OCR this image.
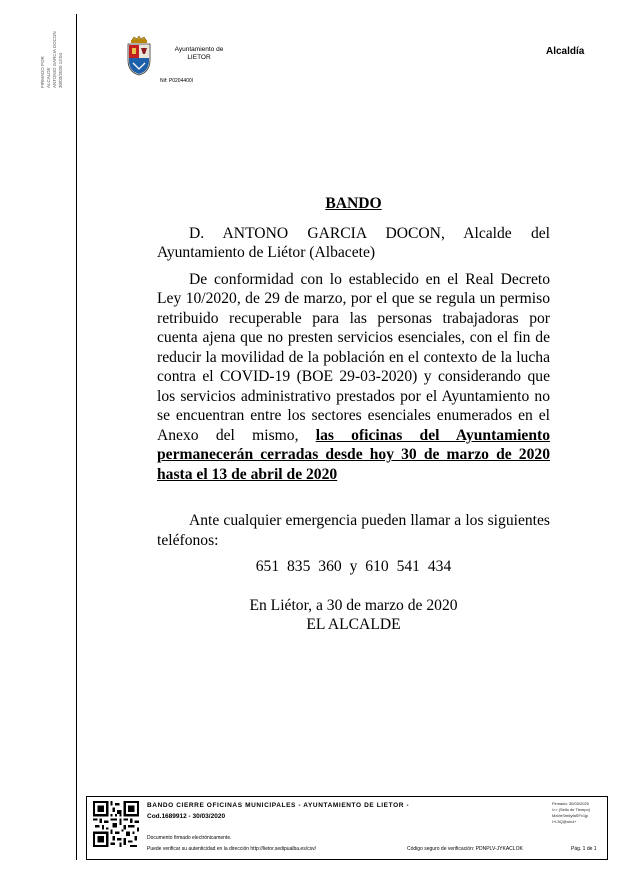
FIRMADO POR ALCALDE ANTONIO GARCIA DOCON 30/03/2020 13:04
Ayuntamiento de
LIETOR
Nif: P0204400I
Alcaldía

BANDO

D. ANTONO GARCIA DOCON, Alcalde del Ayuntamiento de Liétor (Albacete)

De conformidad con lo establecido en el Real Decreto Ley 10/2020, de 29 de marzo, por el que se regula un permiso retribuido recuperable para las personas trabajadoras por cuenta ajena que no presten servicios esenciales, con el fin de reducir la movilidad de la población en el contexto de la lucha contra el COVID-19 (BOE 29-03-2020) y considerando que los servicios administrativo prestados por el Ayuntamiento no se encuentran entre los sectores esenciales enumerados en el Anexo del mismo, las oficinas del Ayuntamiento permanecerán cerradas desde hoy 30 de marzo de 2020 hasta el 13 de abril de 2020

Ante cualquier emergencia pueden llamar a los siguientes teléfonos:

651 835 360 y 610 541 434

En Liétor, a 30 de marzo de 2020

EL ALCALDE

BANDO CIERRE OFICINAS MUNICIPALES - AYUNTAMIENTO DE LIETOR -
Cod.1689912 - 30/03/2020
Documento firmado electrónicamente.
Puede verificar su autenticidad en la dirección http://lietor.sedipualba.es/csv/	Código seguro de verificación: PDNPLV-JYKACLOK	Pág. 1 de 1
Firmado: 30/03/2020
i>> (Sello de Tiempo)
MaVeSm6yfaSFv1jp
l+L5Q@ulv4+
